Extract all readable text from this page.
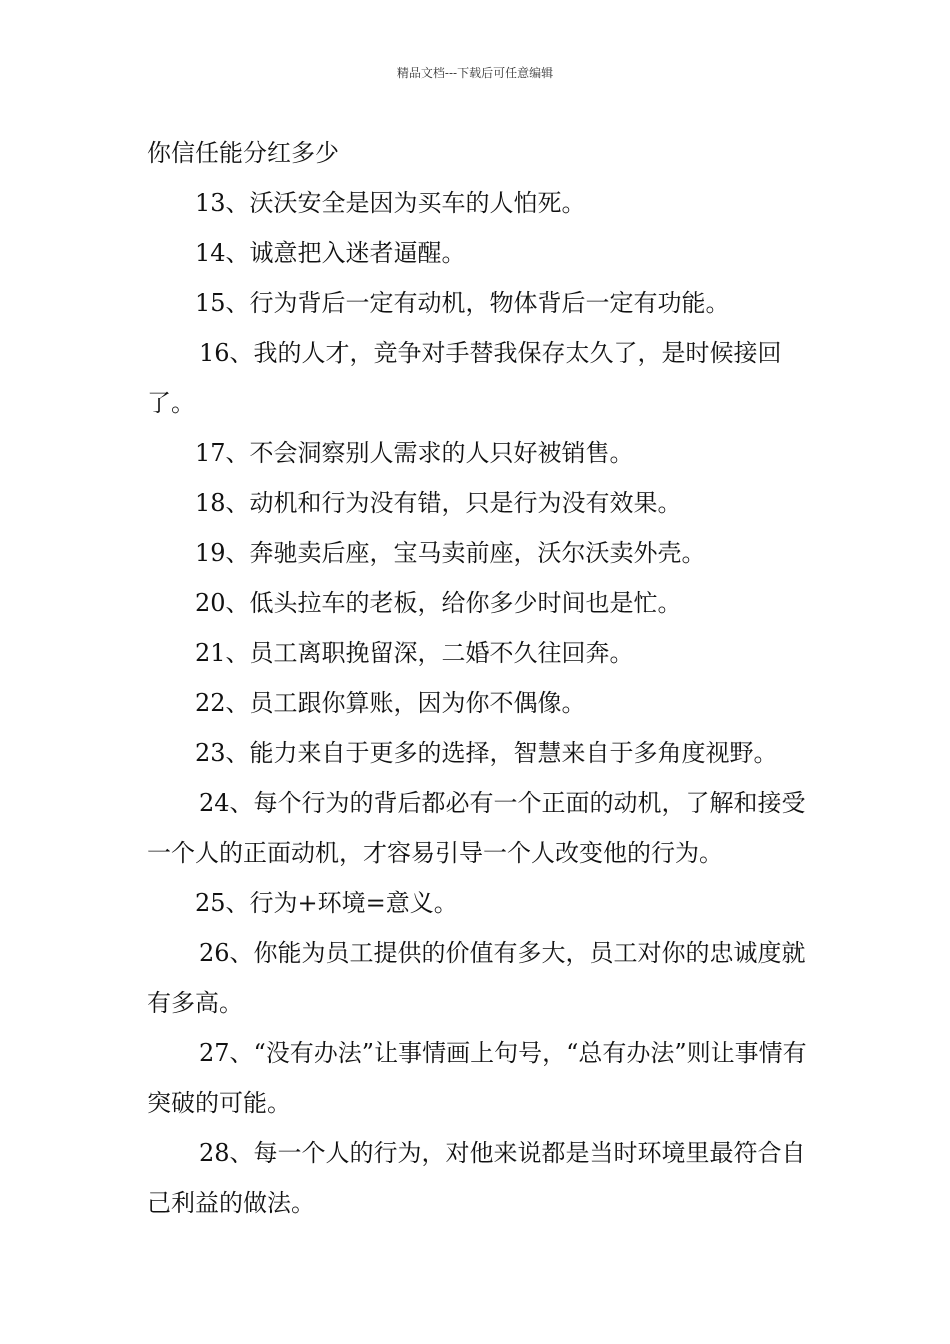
精品文档---下载后可任意编辑

你信任能分红多少

13、沃沃安全是因为买车的人怕死。

14、诚意把入迷者逼醒。

15、行为背后一定有动机，物体背后一定有功能。

16、我的人才，竞争对手替我保存太久了，是时候接回了。

17、不会洞察别人需求的人只好被销售。

18、动机和行为没有错，只是行为没有效果。

19、奔驰卖后座，宝马卖前座，沃尔沃卖外壳。

20、低头拉车的老板，给你多少时间也是忙。

21、员工离职挽留深，二婚不久往回奔。

22、员工跟你算账，因为你不偶像。

23、能力来自于更多的选择，智慧来自于多角度视野。

24、每个行为的背后都必有一个正面的动机，了解和接受一个人的正面动机，才容易引导一个人改变他的行为。

25、行为+环境=意义。

26、你能为员工提供的价值有多大，员工对你的忠诚度就有多高。

27、“没有办法”让事情画上句号，“总有办法”则让事情有突破的可能。

28、每一个人的行为，对他来说都是当时环境里最符合自己利益的做法。
